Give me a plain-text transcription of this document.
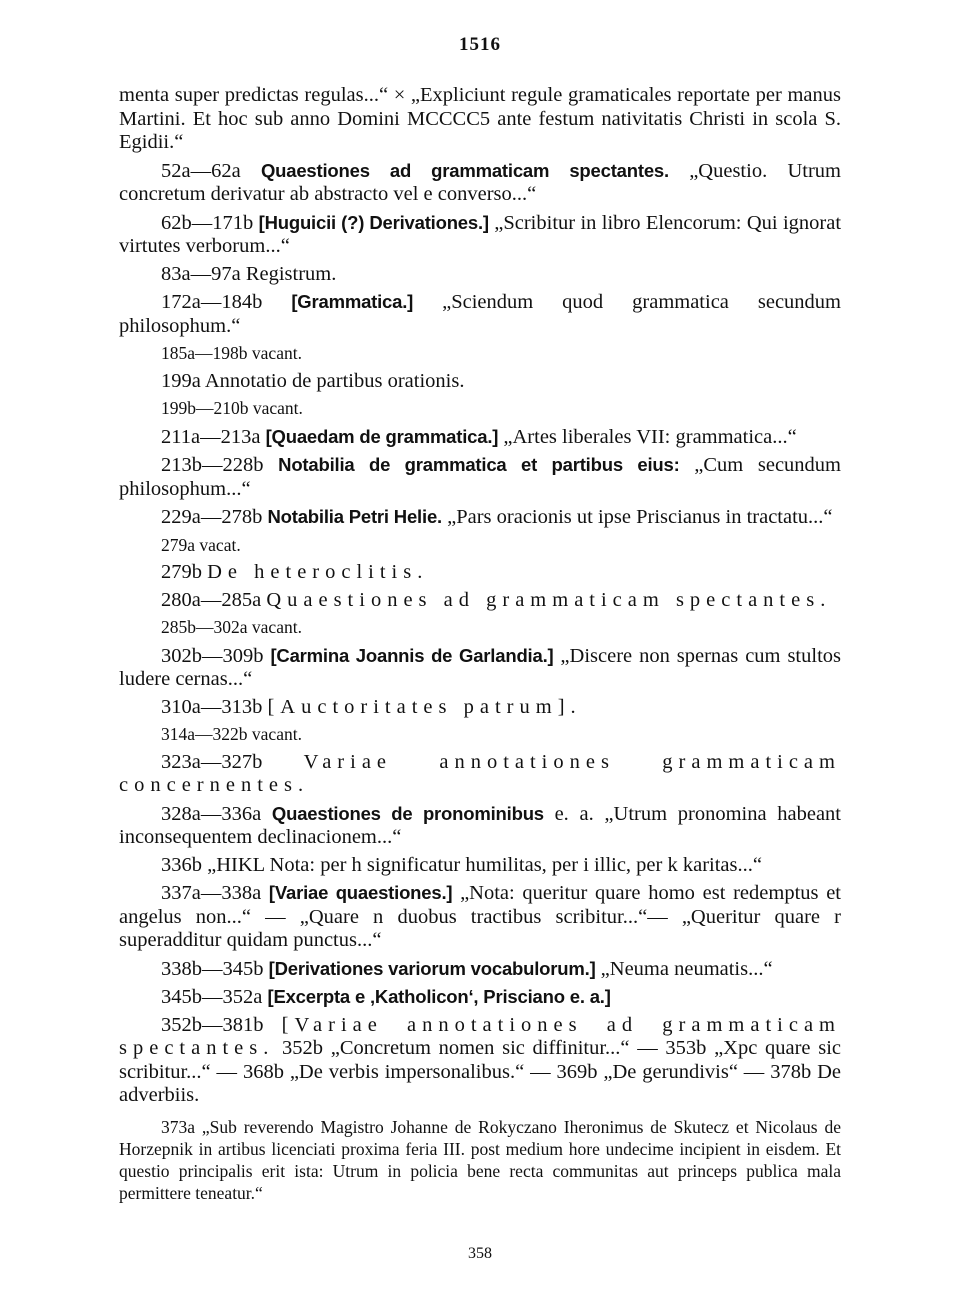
1516

menta super predictas regulas...“ × „Expliciunt regule gramaticales reportate per manus Martini. Et hoc sub anno Domini MCCCC5 ante festum nativitatis Christi in scola S. Egidii.“

52a—62a Quaestiones ad grammaticam spectantes. „Questio. Utrum concretum derivatur ab abstracto vel e converso...“

62b—171b [Huguicii (?) Derivationes.] „Scribitur in libro Elencorum: Qui ignorat virtutes verborum...“

83a—97a Registrum.

172a—184b [Grammatica.] „Sciendum quod grammatica secundum philosophum.“

185a—198b vacant.

199a Annotatio de partibus orationis.

199b—210b vacant.

211a—213a [Quaedam de grammatica.] „Artes liberales VII: grammatica...“

213b—228b Notabilia de grammatica et partibus eius: „Cum secundum philosophum...“

229a—278b Notabilia Petri Helie. „Pars oracionis ut ipse Priscianus in tractatu...“

279a vacat.

279b De heteroclitis.

280a—285a Quaestiones ad grammaticam spectantes.

285b—302a vacant.

302b—309b [Carmina Joannis de Garlandia.] „Discere non spernas cum stultos ludere cernas...“

310a—313b [Auctoritates patrum].

314a—322b vacant.

323a—327b Variae annotationes grammaticam concernentes.

328a—336a Quaestiones de pronominibus e. a. „Utrum pronomina habeant inconsequentem declinacionem...“

336b „HIKL Nota: per h significatur humilitas, per i illic, per k karitas...“

337a—338a [Variae quaestiones.] „Nota: queritur quare homo est redemptus et angelus non...“ — „Quare n duobus tractibus scribitur...“— „Queritur quare r superadditur quidam punctus...“

338b—345b [Derivationes variorum vocabulorum.] „Neuma neumatis...“

345b—352a [Excerpta e ‚Katholicon‘, Prisciano e. a.]

352b—381b [Variae annotationes ad grammaticam spectantes. 352b „Concretum nomen sic diffinitur...“ — 353b „Xpc quare sic scribitur...“ — 368b „De verbis impersonalibus.“ — 369b „De gerundivis“ — 378b De adverbiis.

373a „Sub reverendo Magistro Johanne de Rokyczano Iheronimus de Skutecz et Nicolaus de Horzepnik in artibus licenciati proxima feria III. post medium hore undecime incipient in eisdem. Et questio principalis erit ista: Utrum in policia bene recta communitas aut princeps publica mala permittere teneatur.“

358
